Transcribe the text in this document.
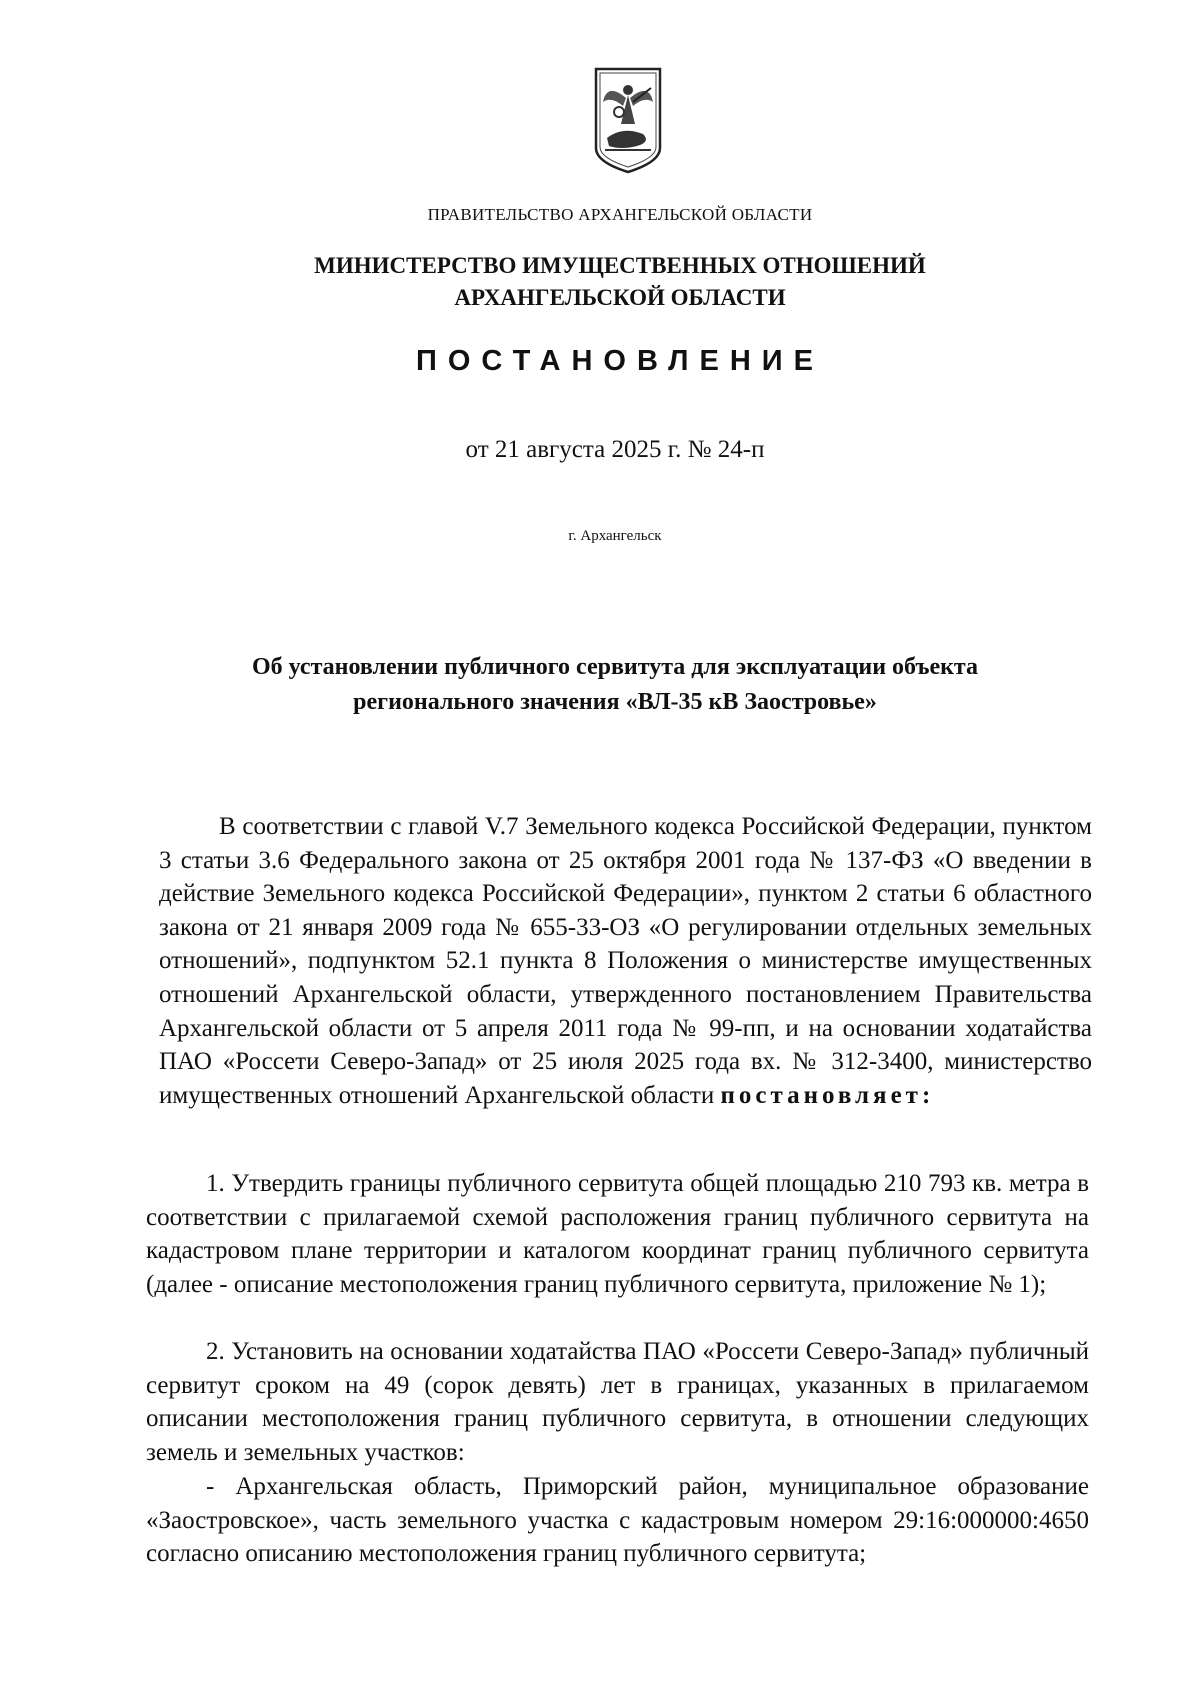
ПРАВИТЕЛЬСТВО АРХАНГЕЛЬСКОЙ ОБЛАСТИ
МИНИСТЕРСТВО ИМУЩЕСТВЕННЫХ ОТНОШЕНИЙ
АРХАНГЕЛЬСКОЙ ОБЛАСТИ
ПОСТАНОВЛЕНИЕ
от 21 августа 2025 г. № 24-п
г. Архангельск
Об установлении публичного сервитута для эксплуатации объекта
регионального значения «ВЛ-35 кВ Заостровье»

В соответствии с главой V.7 Земельного кодекса Российской Федерации, пунктом 3 статьи 3.6 Федерального закона от 25 октября 2001 года № 137-ФЗ «О введении в действие Земельного кодекса Российской Федерации», пунктом 2 статьи 6 областного закона от 21 января 2009 года № 655-33-ОЗ «О регулировании отдельных земельных отношений», подпунктом 52.1 пункта 8 Положения о министерстве имущественных отношений Архангельской области, утвержденного постановлением Правительства Архангельской области от 5 апреля 2011 года № 99-пп, и на основании ходатайства ПАО «Россети Северо-Запад» от 25 июля 2025 года вх. № 312-3400, министерство имущественных отношений Архангельской области постановляет:

1. Утвердить границы публичного сервитута общей площадью 210 793 кв. метра в соответствии с прилагаемой схемой расположения границ публичного сервитута на кадастровом плане территории и каталогом координат границ публичного сервитута (далее - описание местоположения границ публичного сервитута, приложение № 1);

2. Установить на основании ходатайства ПАО «Россети Северо-Запад» публичный сервитут сроком на 49 (сорок девять) лет в границах, указанных в прилагаемом описании местоположения границ публичного сервитута, в отношении следующих земель и земельных участков:

- Архангельская область, Приморский район, муниципальное образование «Заостровское», часть земельного участка с кадастровым номером 29:16:000000:4650 согласно описанию местоположения границ публичного сервитута;
